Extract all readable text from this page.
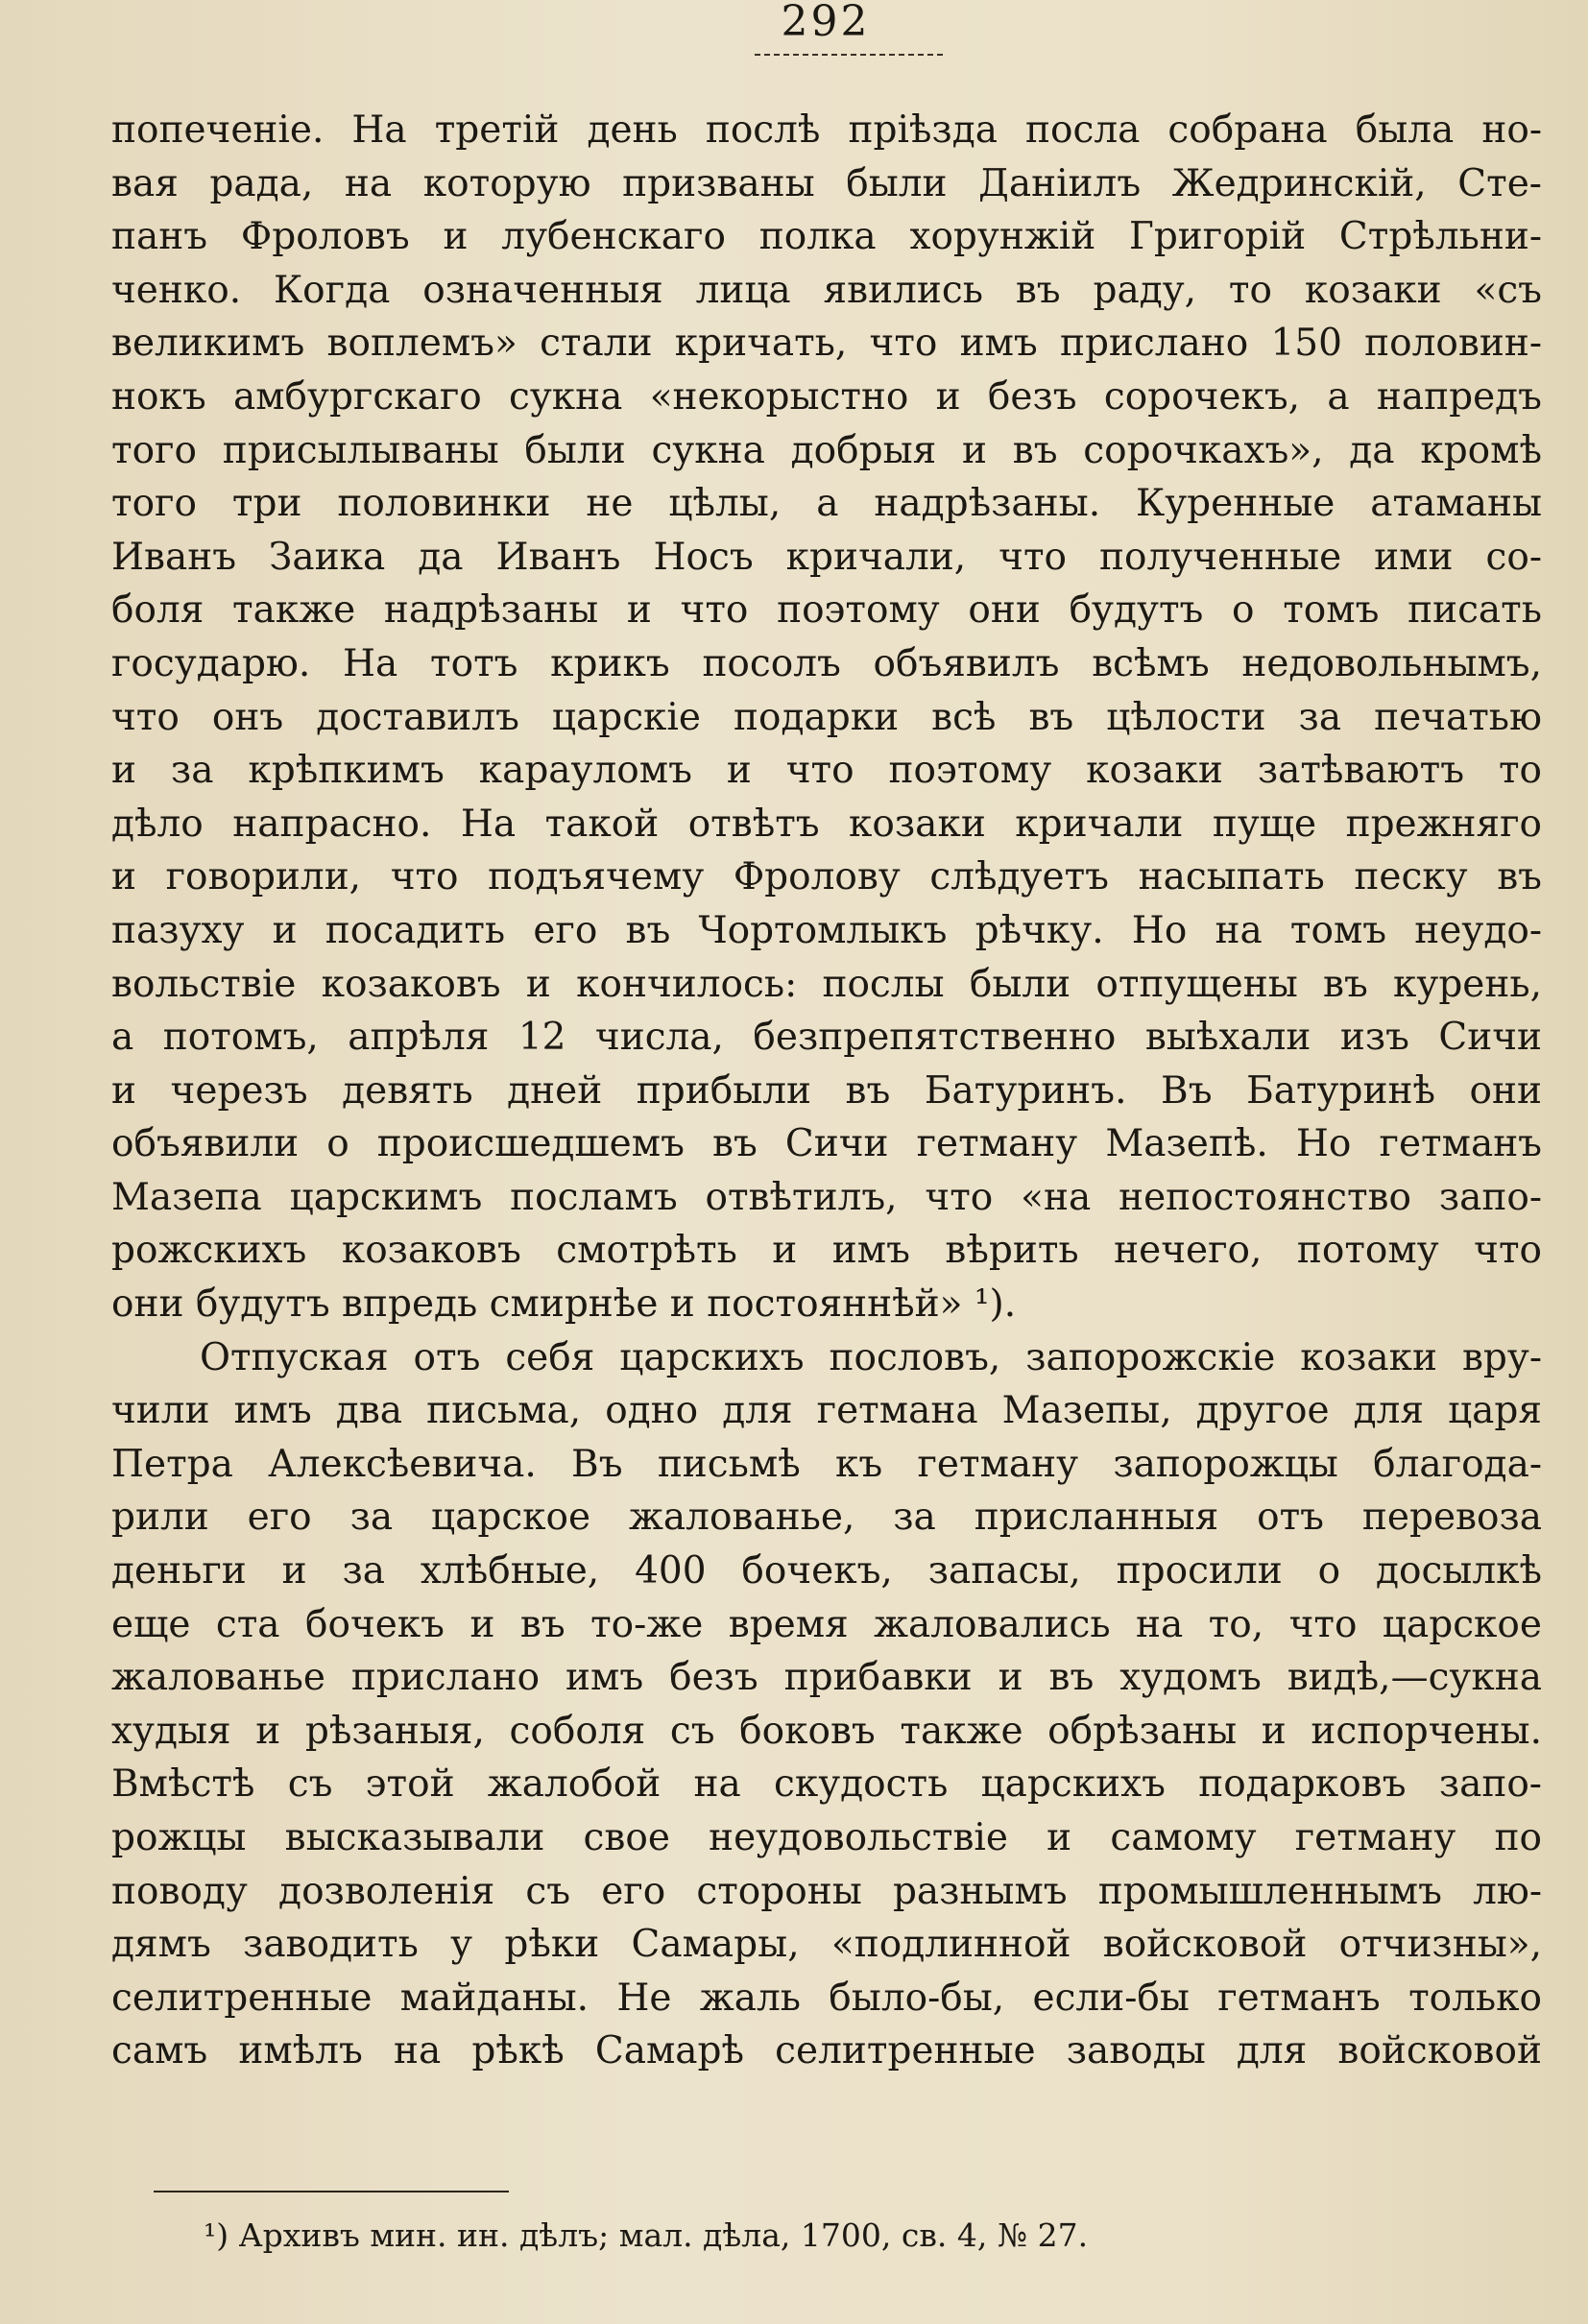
292
попеченіе. На третій день послѣ пріѣзда посла собрана была но-
вая рада, на которую призваны были Даніилъ Жедринскій, Сте-
панъ Фроловъ и лубенскаго полка хорунжій Григорій Стрѣльни-
ченко. Когда означенныя лица явились въ раду, то козаки «съ
великимъ воплемъ» стали кричать, что имъ прислано 150 половин-
нокъ амбургскаго сукна «некорыстно и безъ сорочекъ, а напредъ
того присылываны были сукна добрыя и въ сорочкахъ», да кромѣ
того три половинки не цѣлы, а надрѣзаны. Куренные атаманы
Иванъ Заика да Иванъ Носъ кричали, что полученные ими со-
боля также надрѣзаны и что поэтому они будутъ о томъ писать
государю. На тотъ крикъ посолъ объявилъ всѣмъ недовольнымъ,
что онъ доставилъ царскіе подарки всѣ въ цѣлости за печатью
и за крѣпкимъ карауломъ и что поэтому козаки затѣваютъ то
дѣло напрасно. На такой отвѣтъ козаки кричали пуще прежняго
и говорили, что подъячему Фролову слѣдуетъ насыпать песку въ
пазуху и посадить его въ Чортомлыкъ рѣчку. Но на томъ неудо-
вольствіе козаковъ и кончилось: послы были отпущены въ курень,
а потомъ, апрѣля 12 числа, безпрепятственно выѣхали изъ Сичи
и черезъ девять дней прибыли въ Батуринъ. Въ Батуринѣ они
объявили о происшедшемъ въ Сичи гетману Мазепѣ. Но гетманъ
Мазепа царскимъ посламъ отвѣтилъ, что «на непостоянство запо-
рожскихъ козаковъ смотрѣть и имъ вѣрить нечего, потому что
они будутъ впредь смирнѣе и постояннѣй» ¹).
Отпуская отъ себя царскихъ пословъ, запорожскіе козаки вру-
чили имъ два письма, одно для гетмана Мазепы, другое для царя
Петра Алексѣевича. Въ письмѣ къ гетману запорожцы благода-
рили его за царское жалованье, за присланныя отъ перевоза
деньги и за хлѣбные, 400 бочекъ, запасы, просили о досылкѣ
еще ста бочекъ и въ то-же время жаловались на то, что царское
жалованье прислано имъ безъ прибавки и въ худомъ видѣ,—сукна
худыя и рѣзаныя, соболя съ боковъ также обрѣзаны и испорчены.
Вмѣстѣ съ этой жалобой на скудость царскихъ подарковъ запо-
рожцы высказывали свое неудовольствіе и самому гетману по
поводу дозволенія съ его стороны разнымъ промышленнымъ лю-
дямъ заводить у рѣки Самары, «подлинной войсковой отчизны»,
селитренные майданы. Не жаль было-бы, если-бы гетманъ только
самъ имѣлъ на рѣкѣ Самарѣ селитренные заводы для войсковой
¹) Архивъ мин. ин. дѣлъ; мал. дѣла, 1700, св. 4, № 27.
